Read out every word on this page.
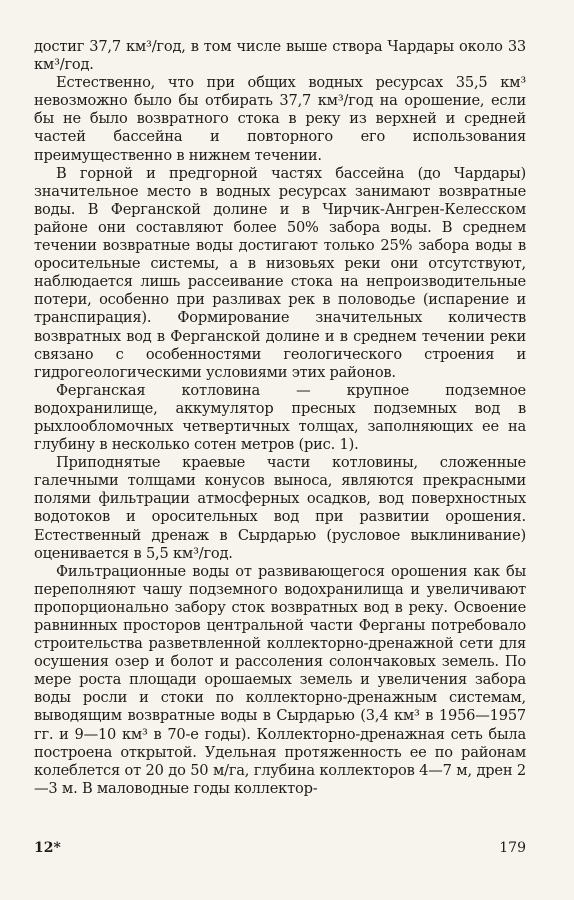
достиг 37,7 км³/год, в том числе выше створа Чардары около 33 км³/год.

Естественно, что при общих водных ресурсах 35,5 км³ невозможно было бы отбирать 37,7 км³/год на орошение, если бы не было возвратного стока в реку из верхней и средней частей бассейна и повторного его использования преимущественно в нижнем течении.

В горной и предгорной частях бассейна (до Чардары) значительное место в водных ресурсах занимают возвратные воды. В Ферганской долине и в Чирчик-Ангрен-Келесском районе они составляют более 50% забора воды. В среднем течении возвратные воды достигают только 25% забора воды в оросительные системы, а в низовьях реки они отсутствуют, наблюдается лишь рассеивание стока на непроизводительные потери, особенно при разливах рек в половодье (испарение и транспирация). Формирование значительных количеств возвратных вод в Ферганской долине и в среднем течении реки связано с особенностями геологического строения и гидрогеологическими условиями этих районов.

Ферганская котловина — крупное подземное водохранилище, аккумулятор пресных подземных вод в рыхлообломочных четвертичных толщах, заполняющих ее на глубину в несколько сотен метров (рис. 1).

Приподнятые краевые части котловины, сложенные галечными толщами конусов выноса, являются прекрасными полями фильтрации атмосферных осадков, вод поверхностных водотоков и оросительных вод при развитии орошения. Естественный дренаж в Сырдарью (русловое выклинивание) оценивается в 5,5 км³/год.

Фильтрационные воды от развивающегося орошения как бы переполняют чашу подземного водохранилища и увеличивают пропорционально забору сток возвратных вод в реку. Освоение равнинных просторов центральной части Ферганы потребовало строительства разветвленной коллекторно-дренажной сети для осушения озер и болот и рассоления солончаковых земель. По мере роста площади орошаемых земель и увеличения забора воды росли и стоки по коллекторно-дренажным системам, выводящим возвратные воды в Сырдарью (3,4 км³ в 1956—1957 гг. и 9—10 км³ в 70-е годы). Коллекторно-дренажная сеть была построена открытой. Удельная протяженность ее по районам колеблется от 20 до 50 м/га, глубина коллекторов 4—7 м, дрен 2—3 м. В маловодные годы коллектор-

12*	179
